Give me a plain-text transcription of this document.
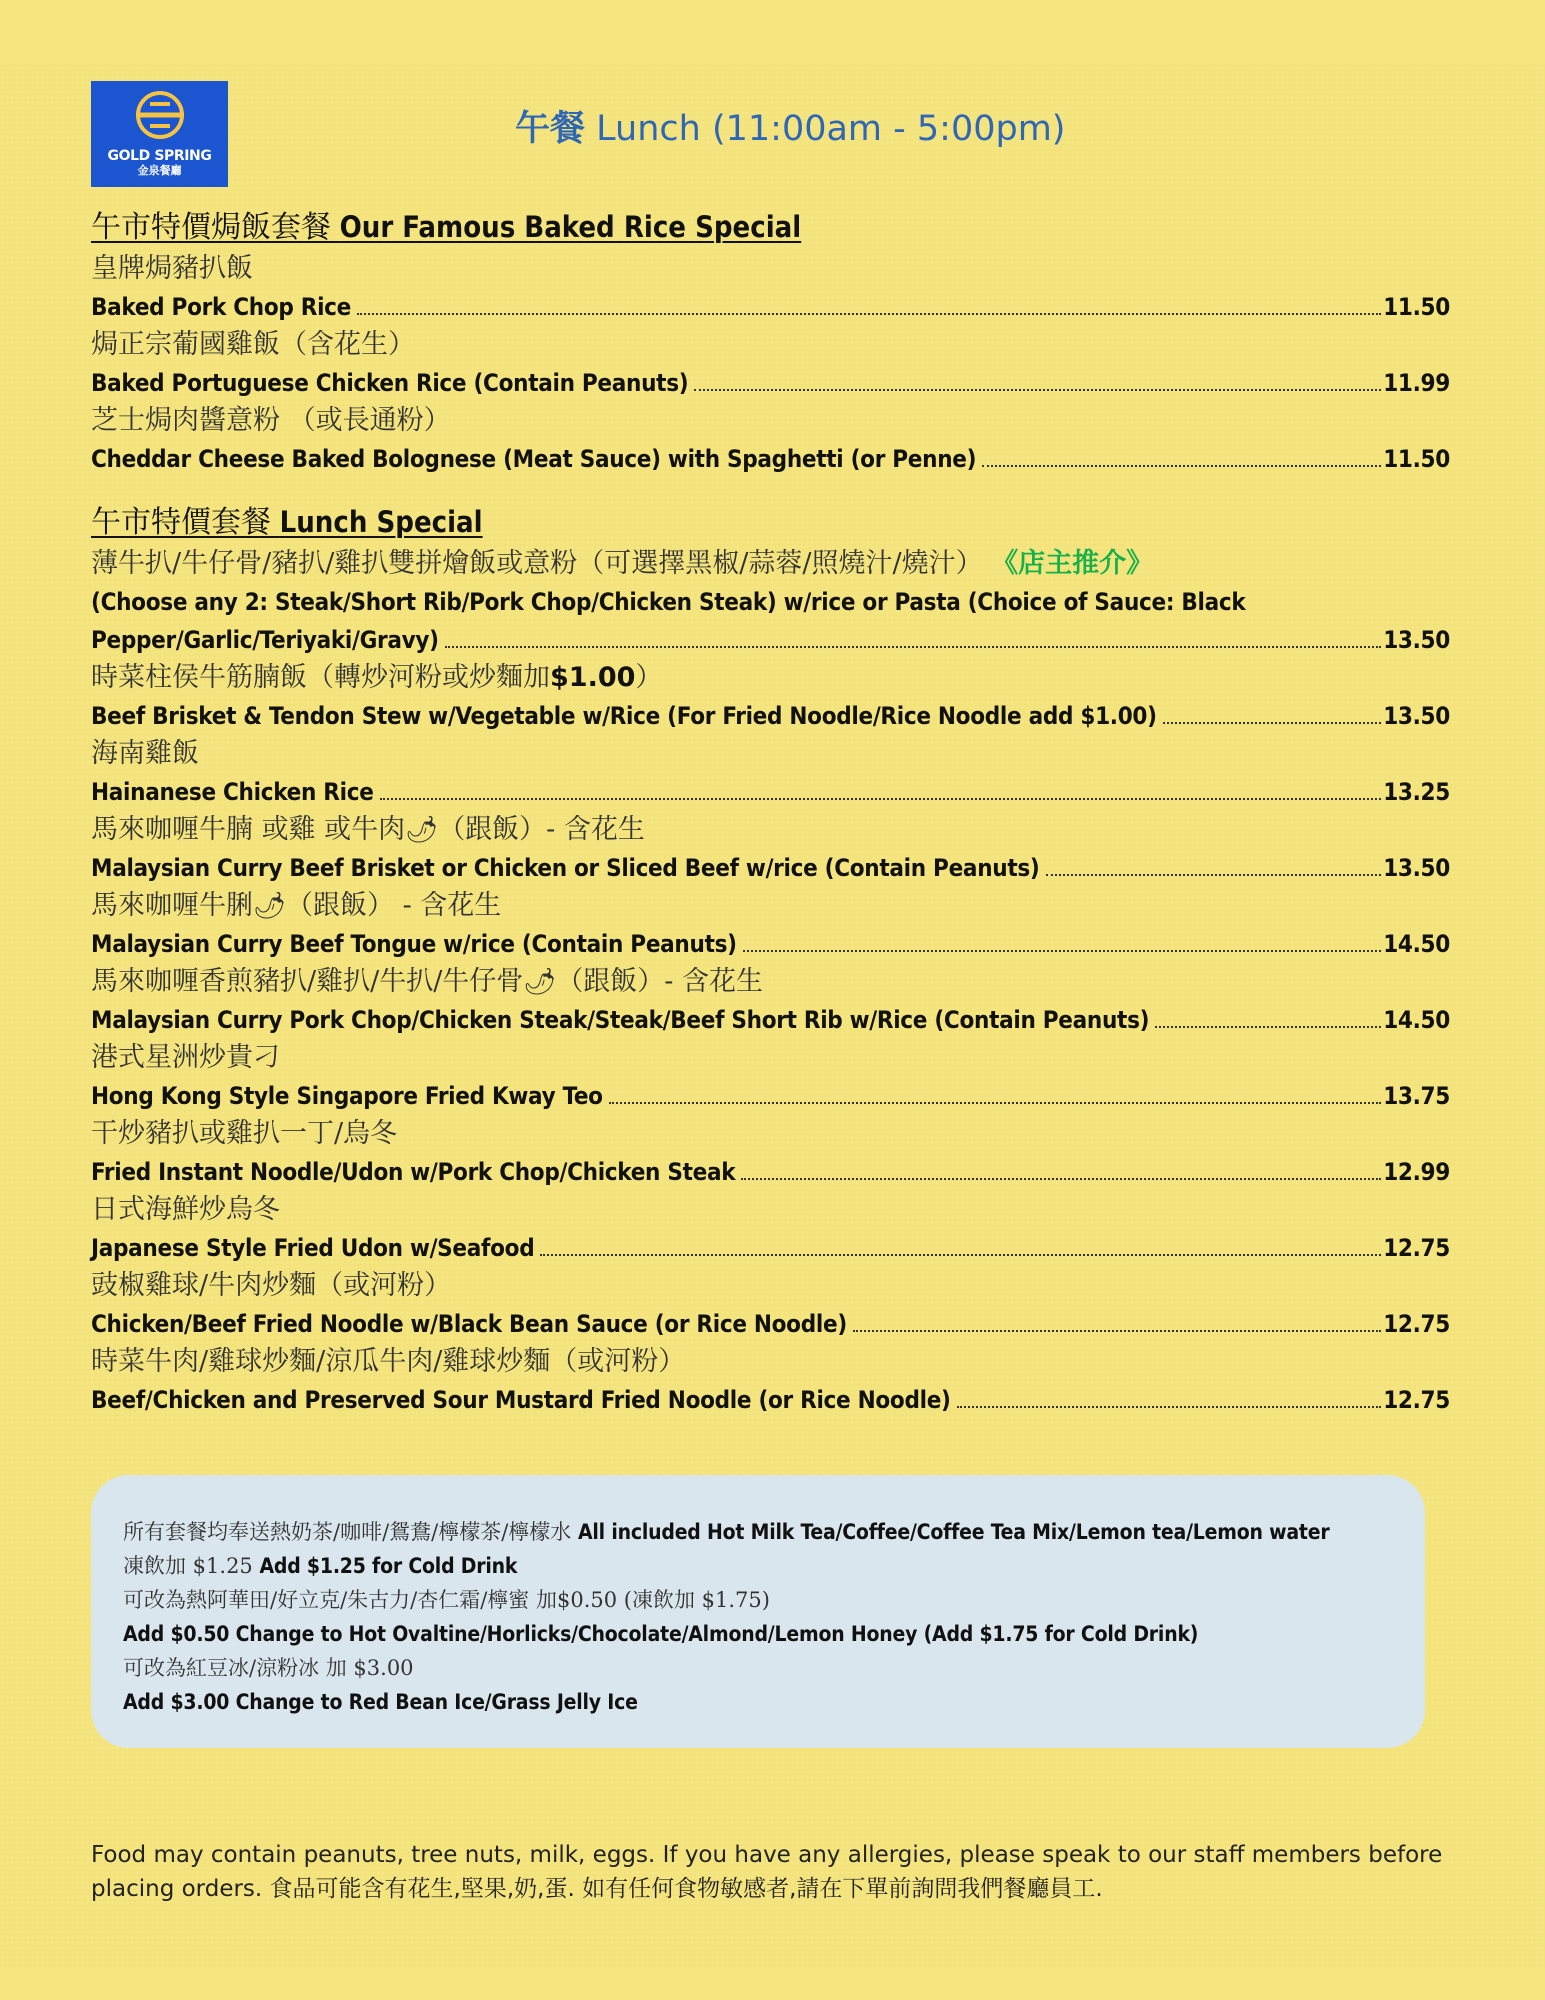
GOLD SPRING
金泉餐廳
午餐 Lunch (11:00am - 5:00pm)
午市特價焗飯套餐 Our Famous Baked Rice Special
皇牌焗豬扒飯
Baked Pork Chop Rice	11.50
焗正宗葡國雞飯（含花生）
Baked Portuguese Chicken Rice (Contain Peanuts)	11.99
芝士焗肉醬意粉 （或長通粉）
Cheddar Cheese Baked Bolognese (Meat Sauce) with Spaghetti (or Penne)	11.50
午市特價套餐 Lunch Special
薄牛扒/牛仔骨/豬扒/雞扒雙拼燴飯或意粉（可選擇黑椒/蒜蓉/照燒汁/燒汁） 《店主推介》
(Choose any 2: Steak/Short Rib/Pork Chop/Chicken Steak) w/rice or Pasta (Choice of Sauce: Black
Pepper/Garlic/Teriyaki/Gravy)	13.50
時菜柱侯牛筋腩飯（轉炒河粉或炒麵加$1.00）
Beef Brisket & Tendon Stew w/Vegetable w/Rice (For Fried Noodle/Rice Noodle add $1.00)	13.50
海南雞飯
Hainanese Chicken Rice	13.25
馬來咖喱牛腩 或雞 或牛肉🌶（跟飯）- 含花生
Malaysian Curry Beef Brisket or Chicken or Sliced Beef w/rice (Contain Peanuts)	13.50
馬來咖喱牛脷🌶（跟飯） - 含花生
Malaysian Curry Beef Tongue w/rice (Contain Peanuts)	14.50
馬來咖喱香煎豬扒/雞扒/牛扒/牛仔骨🌶（跟飯）- 含花生
Malaysian Curry Pork Chop/Chicken Steak/Steak/Beef Short Rib w/Rice (Contain Peanuts)	14.50
港式星洲炒貴刁
Hong Kong Style Singapore Fried Kway Teo	13.75
干炒豬扒或雞扒一丁/烏冬
Fried Instant Noodle/Udon w/Pork Chop/Chicken Steak	12.99
日式海鮮炒烏冬
Japanese Style Fried Udon w/Seafood	12.75
豉椒雞球/牛肉炒麵（或河粉）
Chicken/Beef Fried Noodle w/Black Bean Sauce (or Rice Noodle)	12.75
時菜牛肉/雞球炒麵/涼瓜牛肉/雞球炒麵（或河粉）
Beef/Chicken and Preserved Sour Mustard Fried Noodle (or Rice Noodle)	12.75
所有套餐均奉送熱奶茶/咖啡/鴛鴦/檸檬茶/檸檬水 All included Hot Milk Tea/Coffee/Coffee Tea Mix/Lemon tea/Lemon water
凍飲加 $1.25 Add $1.25 for Cold Drink
可改為熱阿華田/好立克/朱古力/杏仁霜/檸蜜 加$0.50 (凍飲加 $1.75)
Add $0.50 Change to Hot Ovaltine/Horlicks/Chocolate/Almond/Lemon Honey (Add $1.75 for Cold Drink)
可改為紅豆冰/涼粉冰 加 $3.00
Add $3.00 Change to Red Bean Ice/Grass Jelly Ice
Food may contain peanuts, tree nuts, milk, eggs. If you have any allergies, please speak to our staff members before
placing orders. 食品可能含有花生,堅果,奶,蛋. 如有任何食物敏感者,請在下單前詢問我們餐廳員工.
